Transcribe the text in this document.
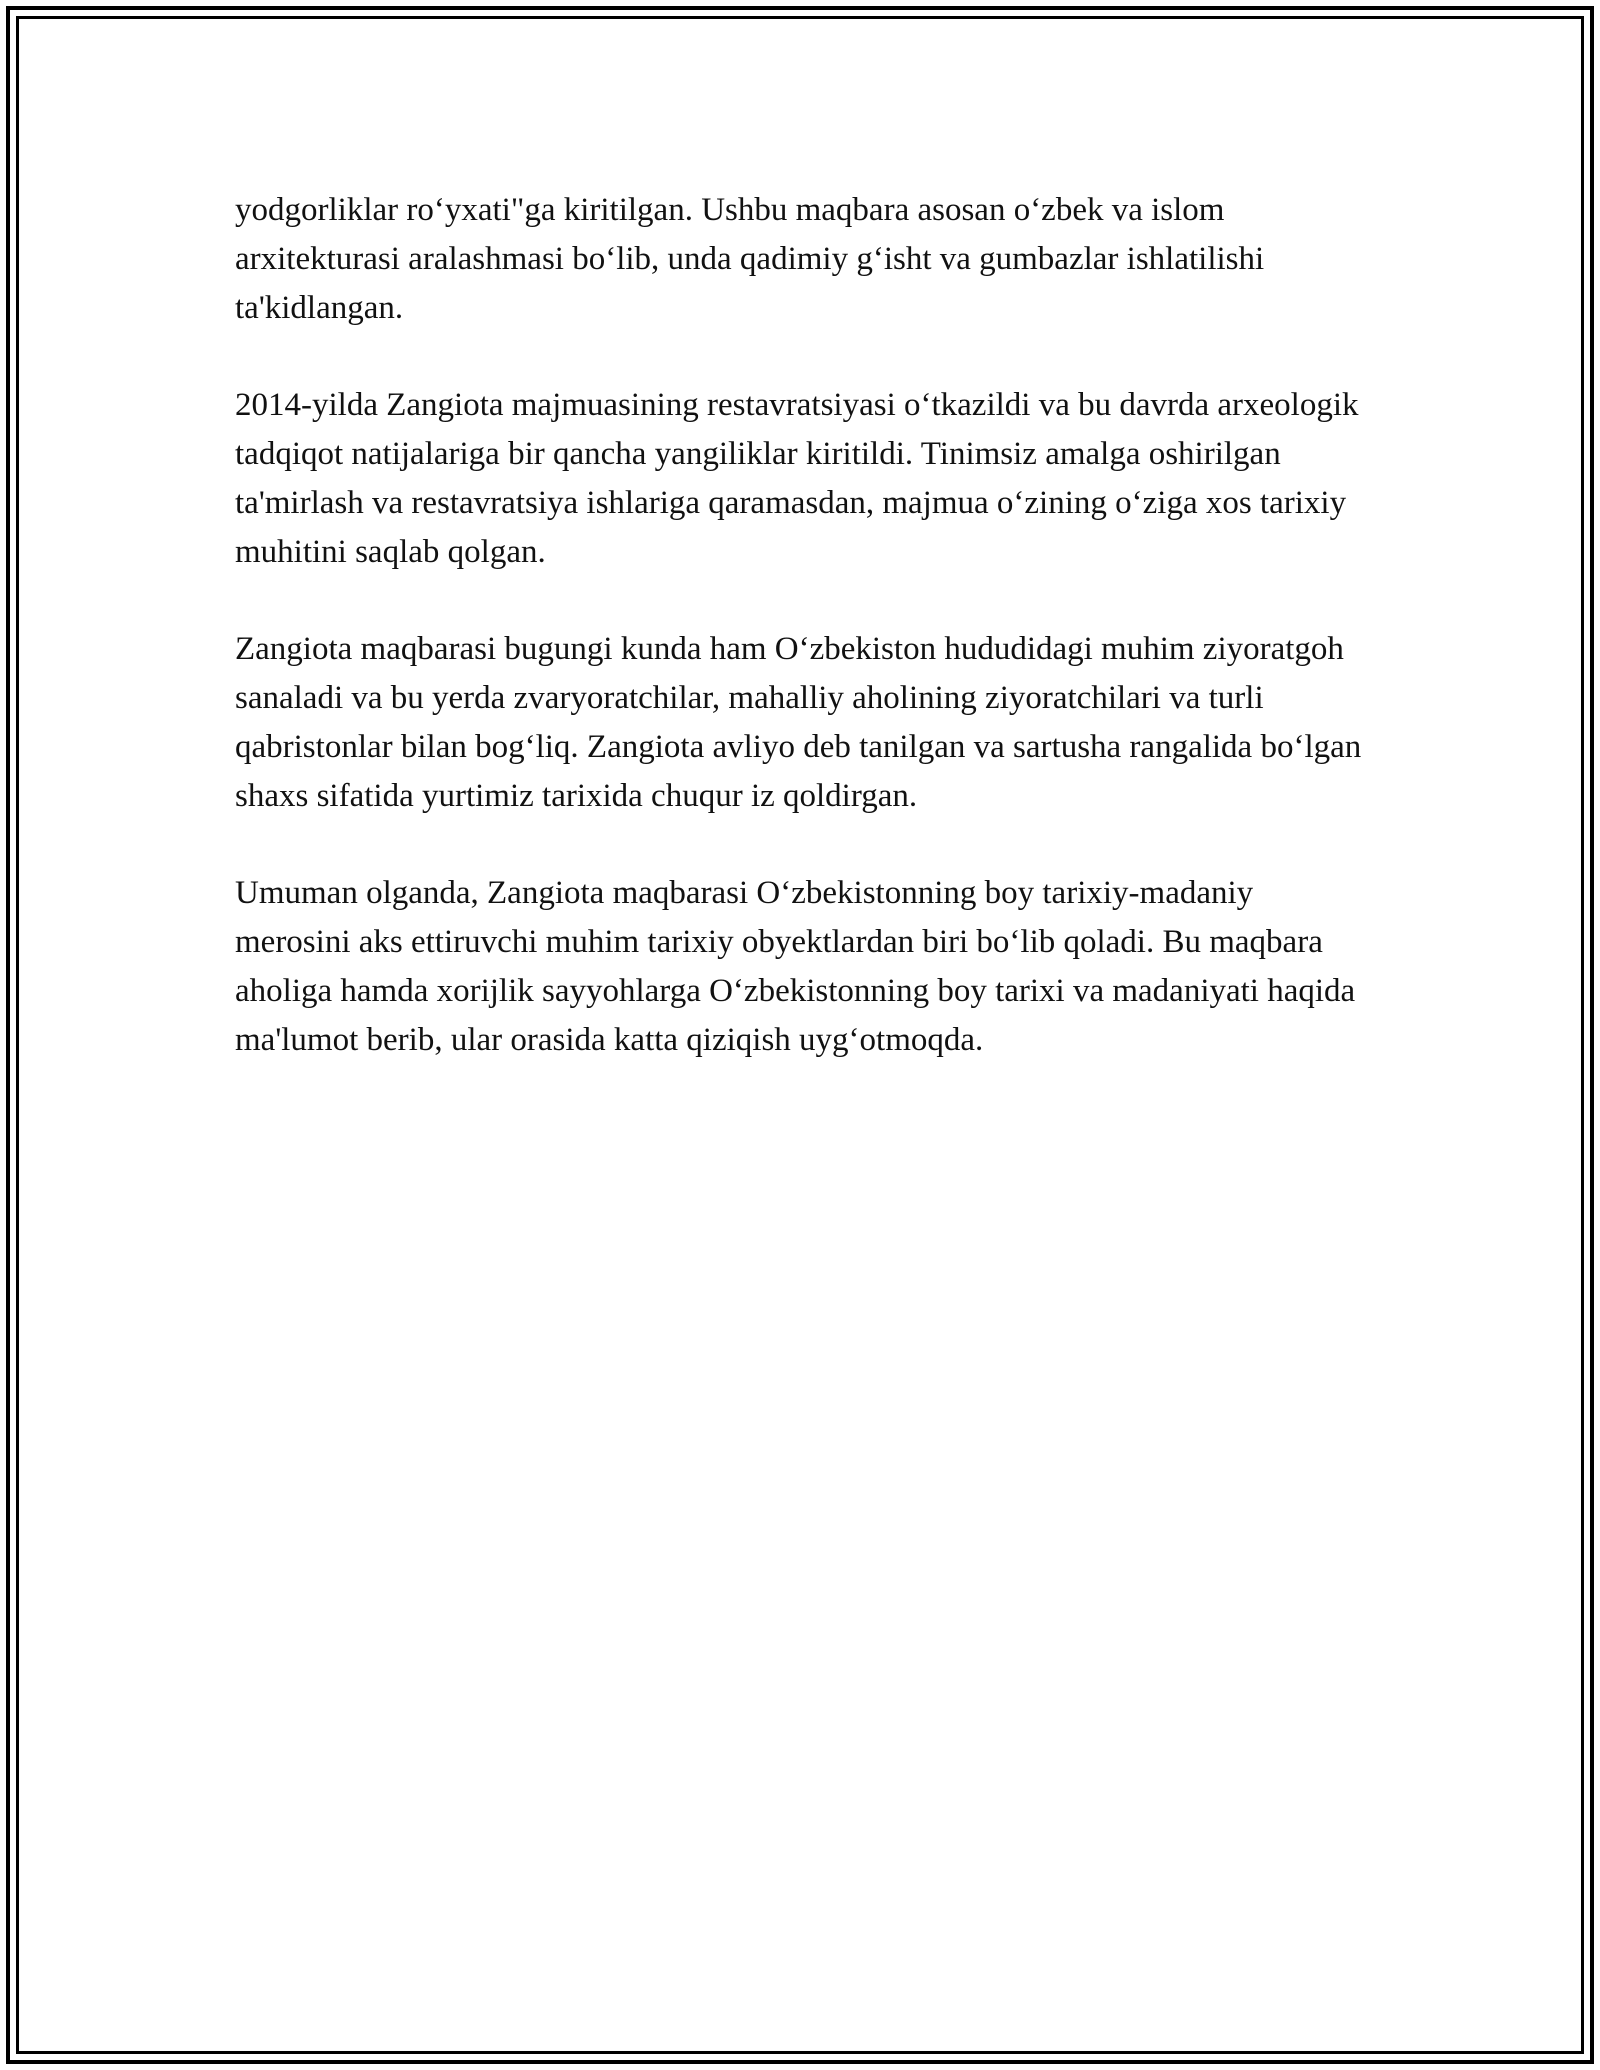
yodgorliklar ro‘yxati"ga kiritilgan. Ushbu maqbara asosan o‘zbek va islom arxitekturasi aralashmasi bo‘lib, unda qadimiy g‘isht va gumbazlar ishlatilishi ta'kidlangan.

2014-yilda Zangiota majmuasining restavratsiyasi o‘tkazildi va bu davrda arxeologik tadqiqot natijalariga bir qancha yangiliklar kiritildi. Tinimsiz amalga oshirilgan ta'mirlash va restavratsiya ishlariga qaramasdan, majmua o‘zining o‘ziga xos tarixiy muhitini saqlab qolgan.

Zangiota maqbarasi bugungi kunda ham O‘zbekiston hududidagi muhim ziyoratgoh sanaladi va bu yerda zvaryoratchilar, mahalliy aholining ziyoratchilari va turli qabristonlar bilan bog‘liq. Zangiota avliyo deb tanilgan va sartusha rangalida bo‘lgan shaxs sifatida yurtimiz tarixida chuqur iz qoldirgan.

Umuman olganda, Zangiota maqbarasi O‘zbekistonning boy tarixiy-madaniy merosini aks ettiruvchi muhim tarixiy obyektlardan biri bo‘lib qoladi. Bu maqbara aholiga hamda xorijlik sayyohlarga O‘zbekistonning boy tarixi va madaniyati haqida ma'lumot berib, ular orasida katta qiziqish uyg‘otmoqda.
